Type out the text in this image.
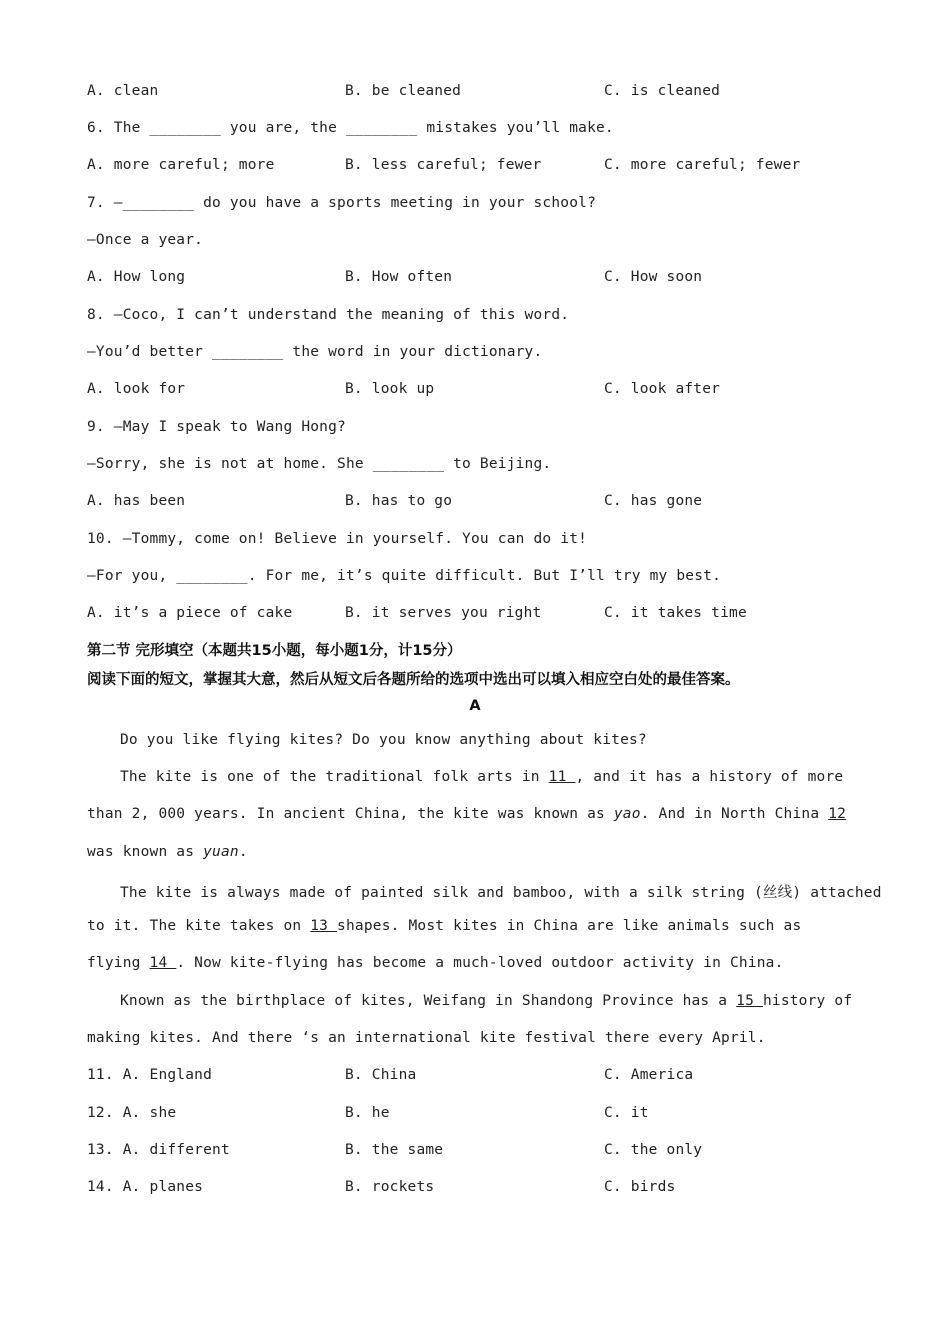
A. clean	B. be cleaned	C. is cleaned
6. The ________ you are, the ________ mistakes you’ll make.
A. more careful; more	B. less careful; fewer	C. more careful; fewer
7. —________ do you have a sports meeting in your school?
—Once a year.
A. How long	B. How often	C. How soon
8. —Coco, I can’t understand the meaning of this word.
—You’d better ________ the word in your dictionary.
A. look for	B. look up	C. look after
9. —May I speak to Wang Hong?
—Sorry, she is not at home. She ________ to Beijing.
A. has been	B. has to go	C. has gone
10. —Tommy, come on! Believe in yourself. You can do it!
—For you, ________. For me, it’s quite difficult. But I’ll try my best.
A. it’s a piece of cake	B. it serves you right	C. it takes time
第二节 完形填空（本题共15小题，每小题1分，计15分）
阅读下面的短文，掌握其大意，然后从短文后各题所给的选项中选出可以填入相应空白处的最佳答案。
A
Do you like flying kites? Do you know anything about kites?
The kite is one of the traditional folk arts in 11 , and it has a history of more
than 2, 000 years. In ancient China, the kite was known as yao. And in North China 12
was known as yuan.
The kite is always made of painted silk and bamboo, with a silk string (丝线) attached
to it. The kite takes on 13 shapes. Most kites in China are like animals such as
flying 14 . Now kite-flying has become a much-loved outdoor activity in China.
Known as the birthplace of kites, Weifang in Shandong Province has a 15 history of
making kites. And there ‘s an international kite festival there every April.
11. A. England	B. China	C. America
12. A. she	B. he	C. it
13. A. different	B. the same	C. the only
14. A. planes	B. rockets	C. birds
